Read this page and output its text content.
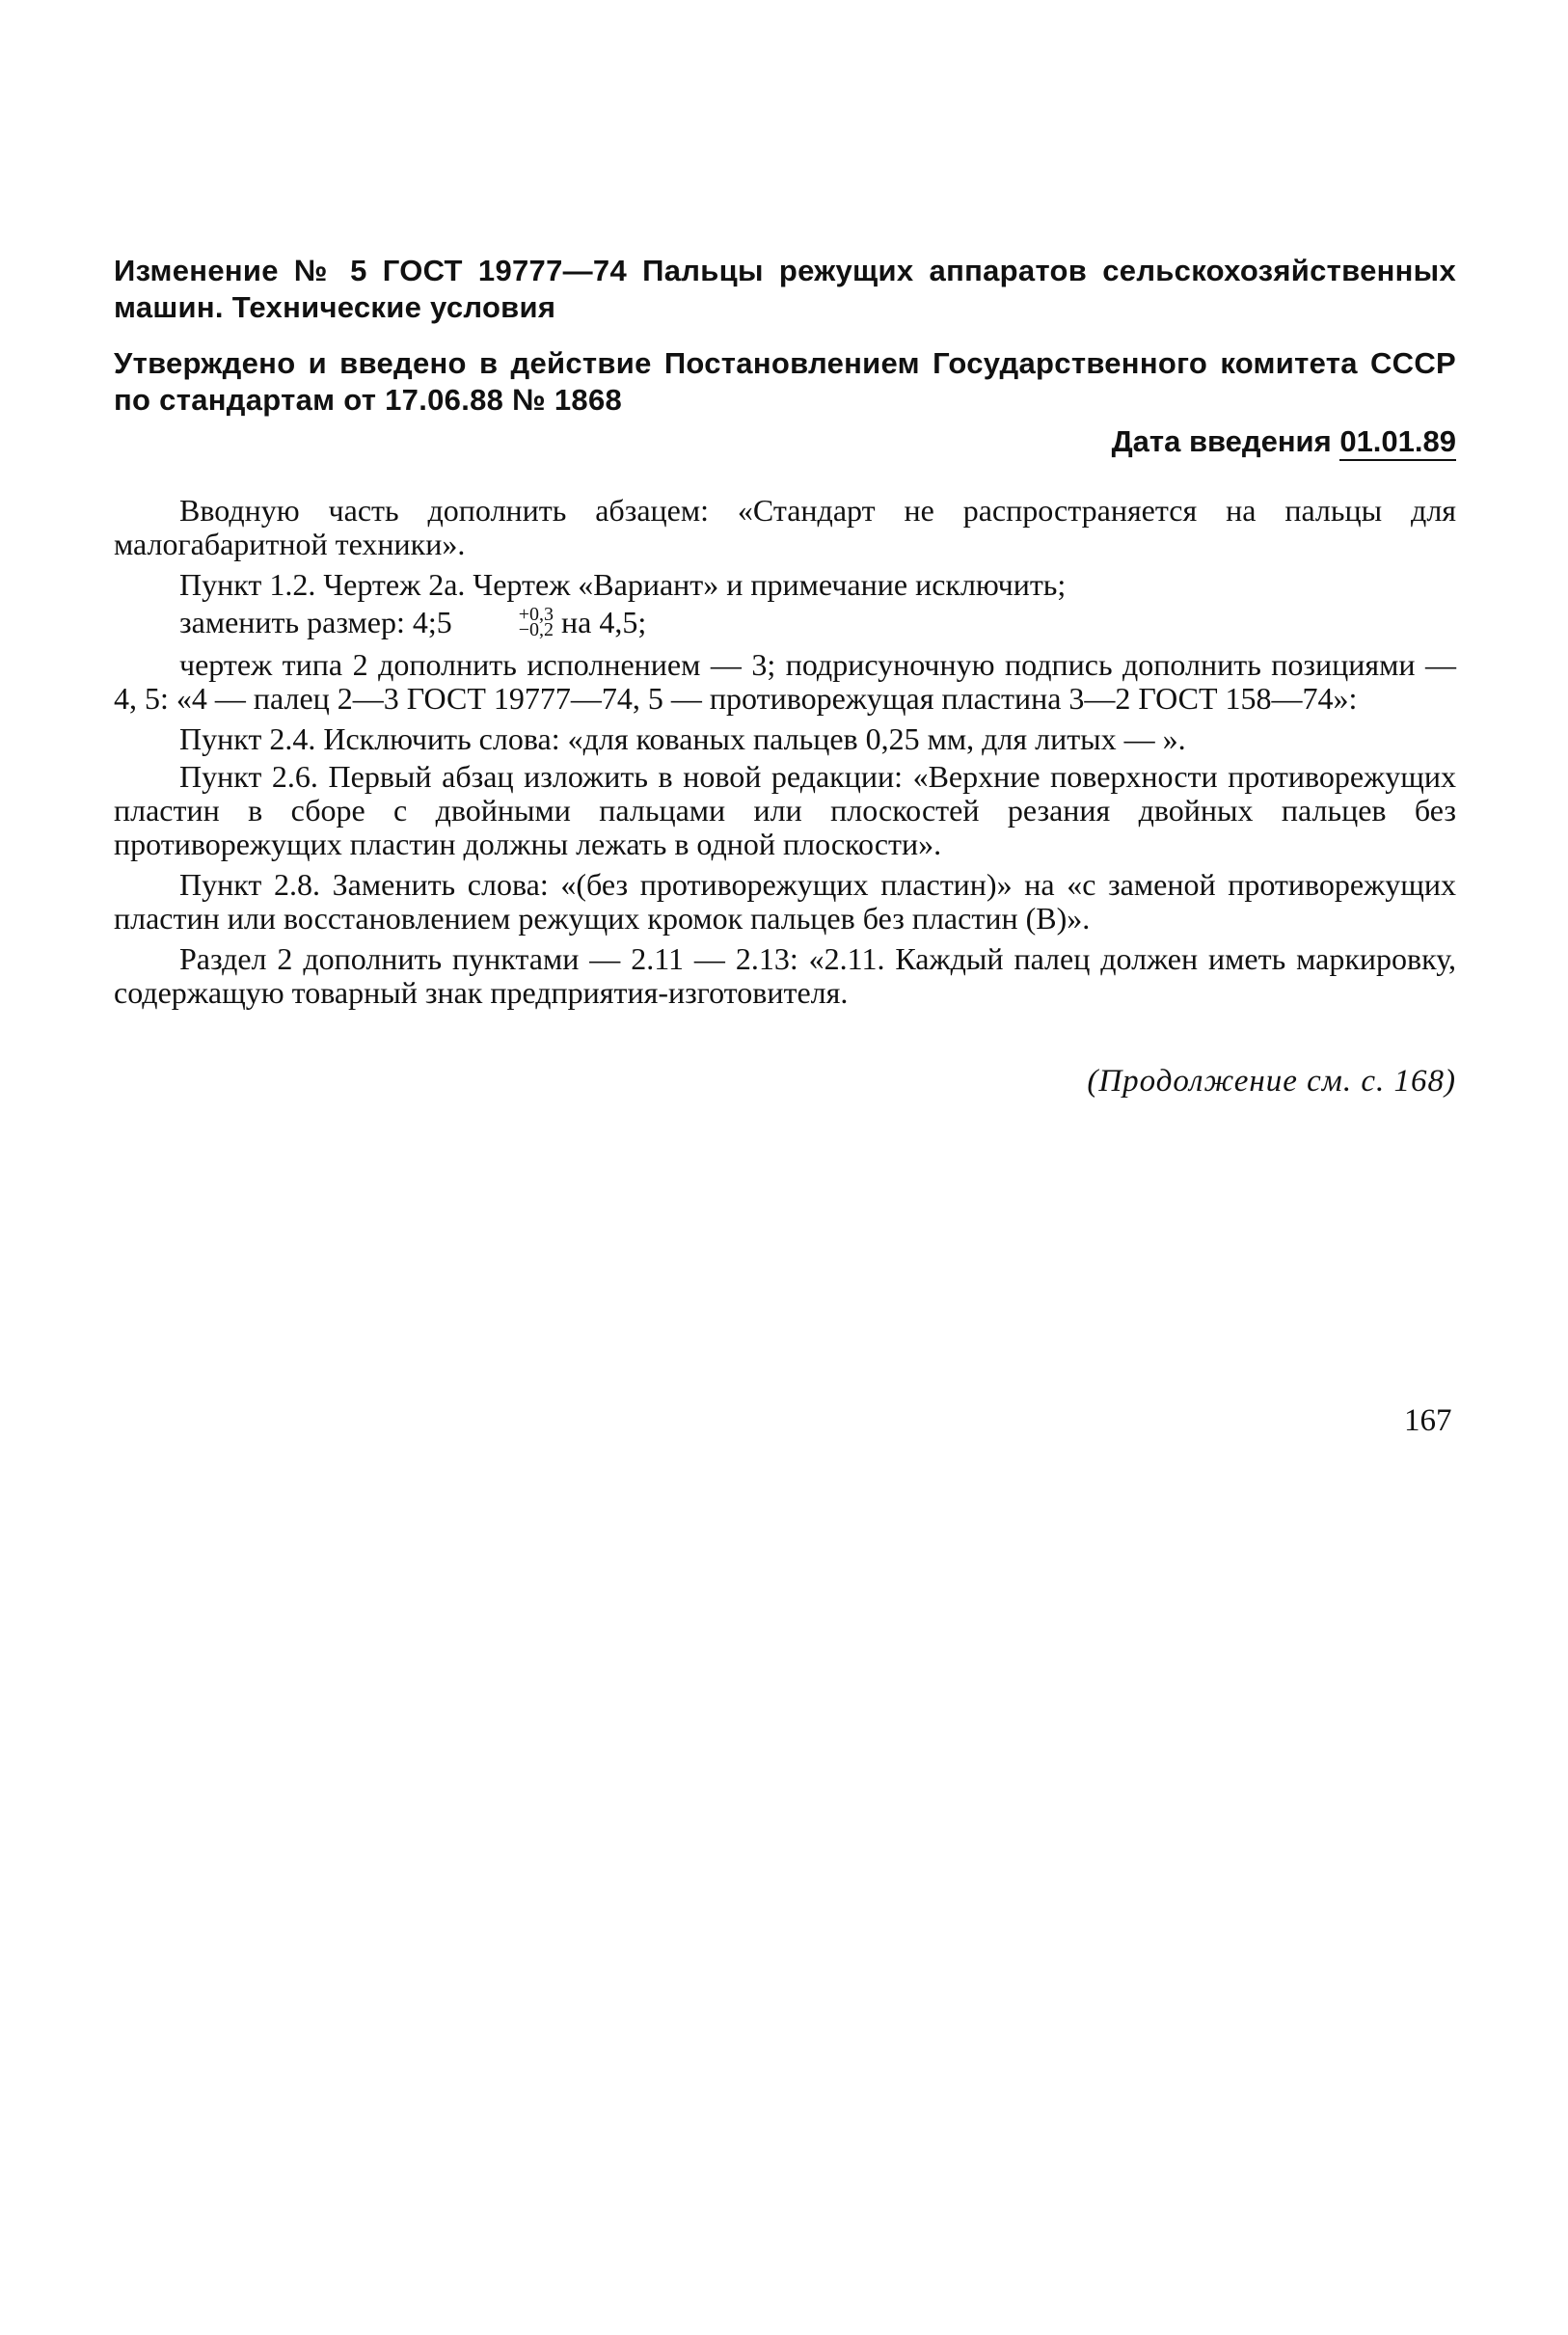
Изменение № 5 ГОСТ 19777—74 Пальцы режущих аппаратов сельскохозяйственных машин. Технические условия

Утверждено и введено в действие Постановлением Государственного комитета СССР по стандартам от 17.06.88 № 1868

Дата введения 01.01.89

Вводную часть дополнить абзацем: «Стандарт не распространяется на пальцы для малогабаритной техники».

Пункт 1.2. Чертеж 2а. Чертеж «Вариант» и примечание исключить;

заменить размер: 4;5	+0,3
−0,2 на 4,5;

чертеж типа 2 дополнить исполнением — 3; подрисуночную подпись дополнить позициями — 4, 5: «4 — палец 2—3 ГОСТ 19777—74, 5 — противорежущая пластина 3—2 ГОСТ 158—74»:

Пункт 2.4. Исключить слова: «для кованых пальцев 0,25 мм, для литых — ».

Пункт 2.6. Первый абзац изложить в новой редакции: «Верхние поверхности противорежущих пластин в сборе с двойными пальцами или плоскостей резания двойных пальцев без противорежущих пластин должны лежать в одной плоскости».

Пункт 2.8. Заменить слова: «(без противорежущих пластин)» на «с заменой противорежущих пластин или восстановлением режущих кромок пальцев без пластин (В)».

Раздел 2 дополнить пунктами — 2.11 — 2.13: «2.11. Каждый палец должен иметь маркировку, содержащую товарный знак предприятия-изготовителя.

(Продолжение см. с. 168)
167
